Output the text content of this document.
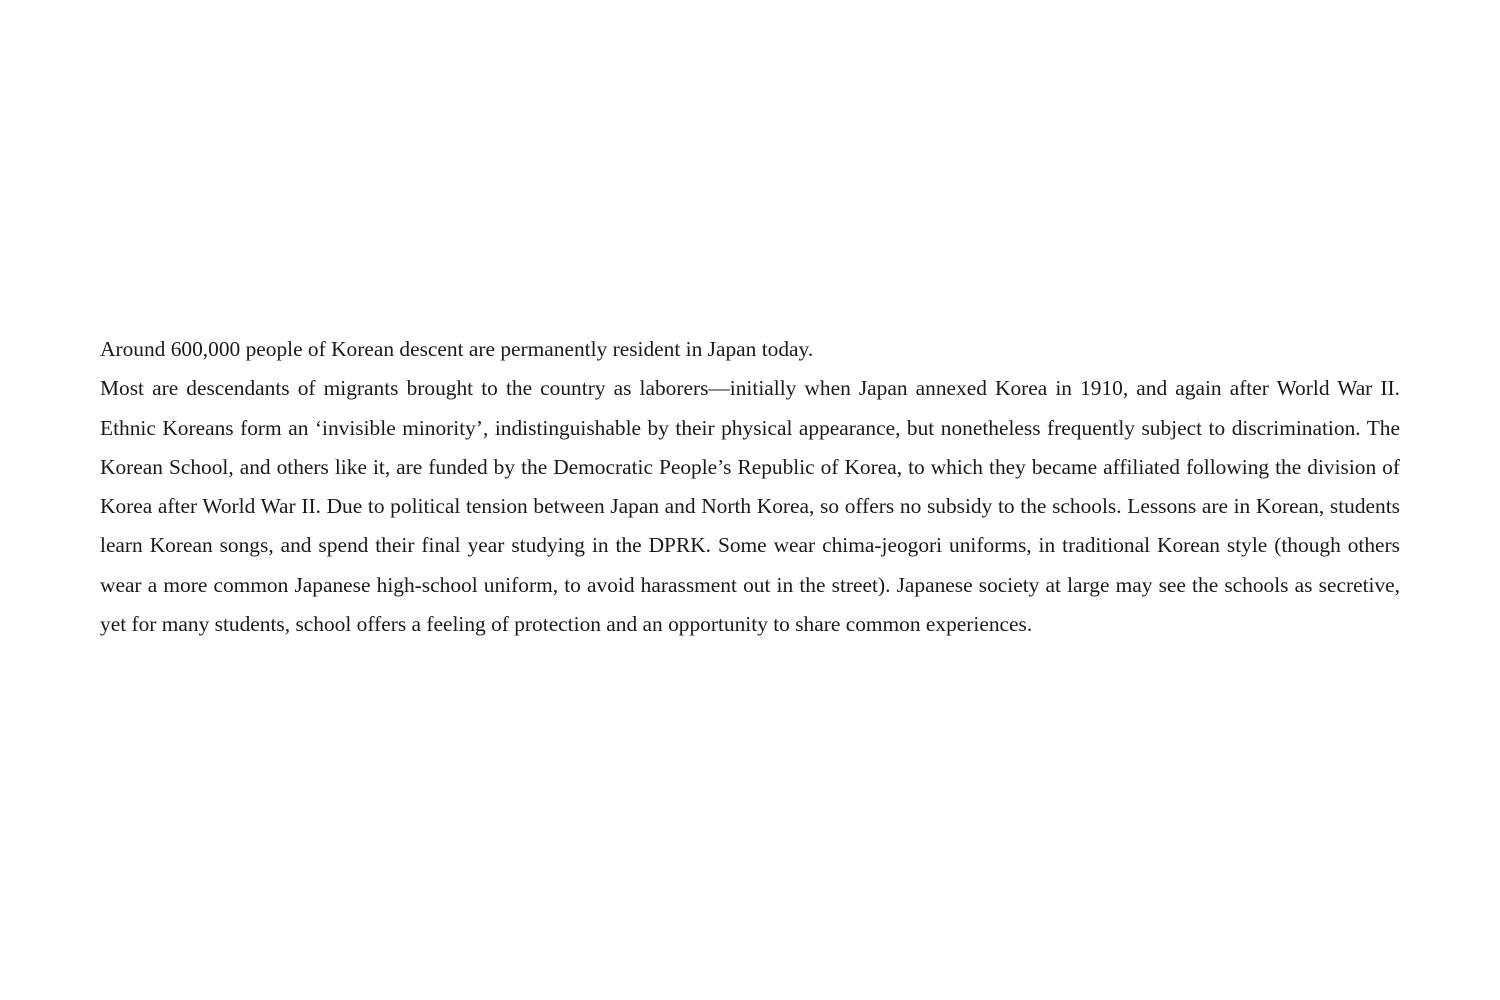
Around 600,000 people of Korean descent are permanently resident in Japan today.

Most are descendants of migrants brought to the country as laborers—initially when Japan annexed Korea in 1910, and again after World War II. Ethnic Koreans form an ‘invisible minority’, indistinguishable by their physical appearance, but nonetheless frequently subject to discrimination. The Korean School, and others like it, are funded by the Democratic People’s Republic of Korea, to which they became affiliated following the division of Korea after World War II. Due to political tension between Japan and North Korea, so offers no subsidy to the schools. Lessons are in Korean, students learn Korean songs, and spend their final year studying in the DPRK. Some wear chima-jeogori uniforms, in traditional Korean style (though others wear a more common Japanese high-school uniform, to avoid harassment out in the street). Japanese society at large may see the schools as secretive, yet for many students, school offers a feeling of protection and an opportunity to share common experiences.
